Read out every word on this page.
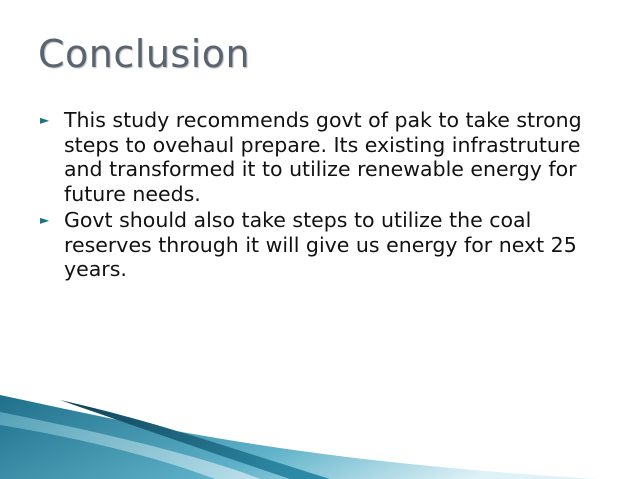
Conclusion
► This study recommends govt of pak to take strong steps to ovehaul prepare. Its existing infrastruture and transformed it to utilize renewable energy for future needs.
► Govt should also take steps to utilize the coal reserves through it will give us energy for next 25 years.
